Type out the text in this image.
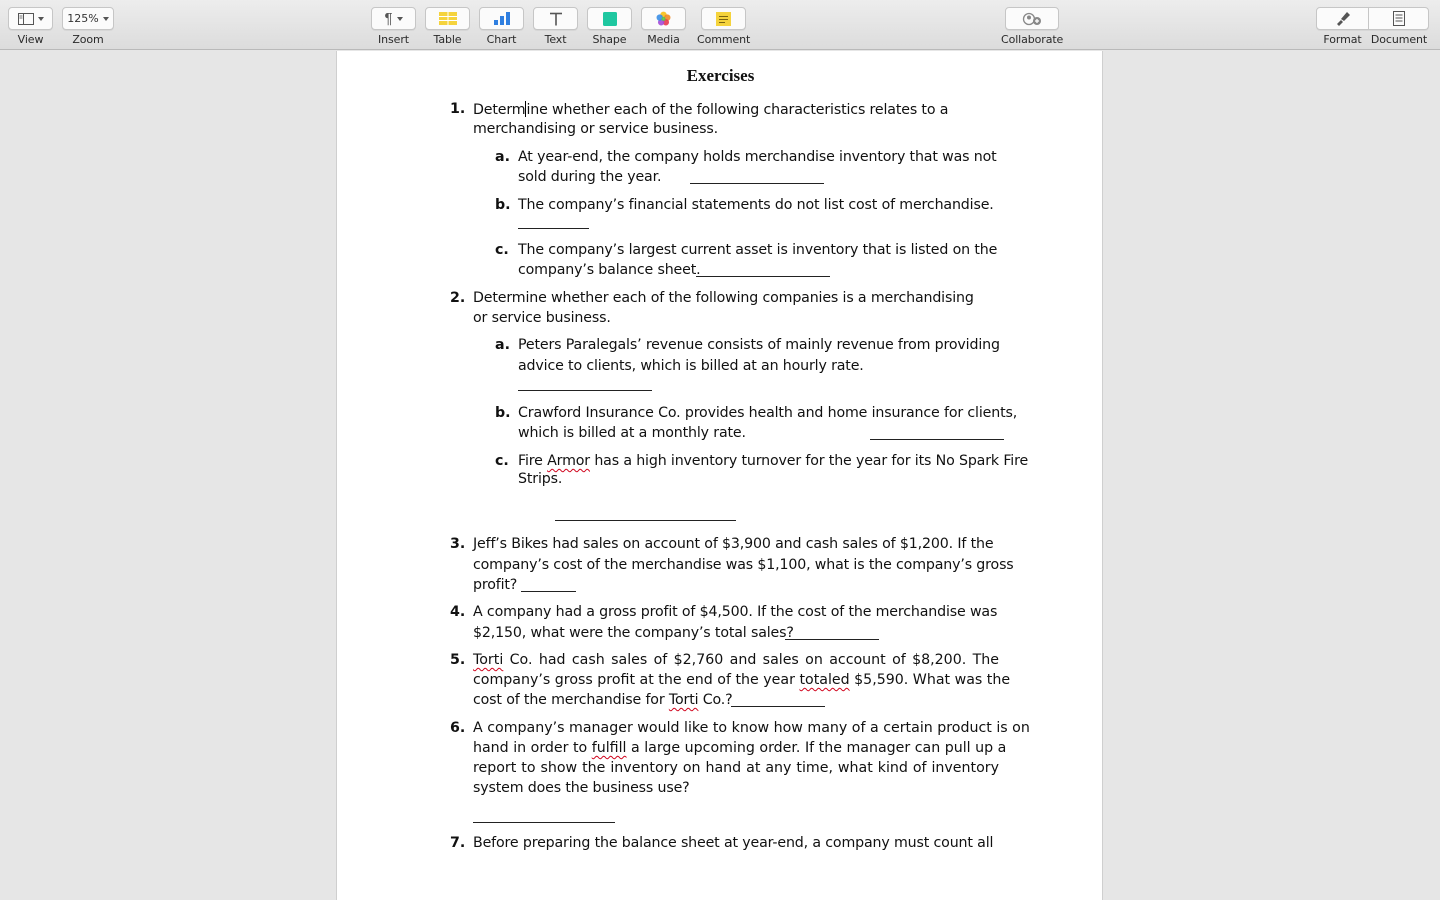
View
125%
Zoom
¶
Insert Table Chart	Text Shape Media Comment	Collaborate	Format Document
Exercises
1. Determine whether each of the following characteristics relates to a
merchandising or service business.
a. At year-end, the company holds merchandise inventory that was not
sold during the year.
b. The company’s financial statements do not list cost of merchandise.
c. The company’s largest current asset is inventory that is listed on the
company’s balance sheet.
2. Determine whether each of the following companies is a merchandising
or service business.
a. Peters Paralegals’ revenue consists of mainly revenue from providing
advice to clients, which is billed at an hourly rate.
b. Crawford Insurance Co. provides health and home insurance for clients,
which is billed at a monthly rate.
c. Fire Armor has a high inventory turnover for the year for its No Spark Fire
Strips.
3. Jeff’s Bikes had sales on account of $3,900 and cash sales of $1,200. If the
company’s cost of the merchandise was $1,100, what is the company’s gross
profit?
4. A company had a gross profit of $4,500. If the cost of the merchandise was
$2,150, what were the company’s total sales?
5. Torti Co. had cash sales of $2,760 and sales on account of $8,200. The
company’s gross profit at the end of the year totaled $5,590. What was the
cost of the merchandise for Torti Co.?
6. A company’s manager would like to know how many of a certain product is on
hand in order to fulfill a large upcoming order. If the manager can pull up a
report to show the inventory on hand at any time, what kind of inventory
system does the business use?
7. Before preparing the balance sheet at year-end, a company must count all
